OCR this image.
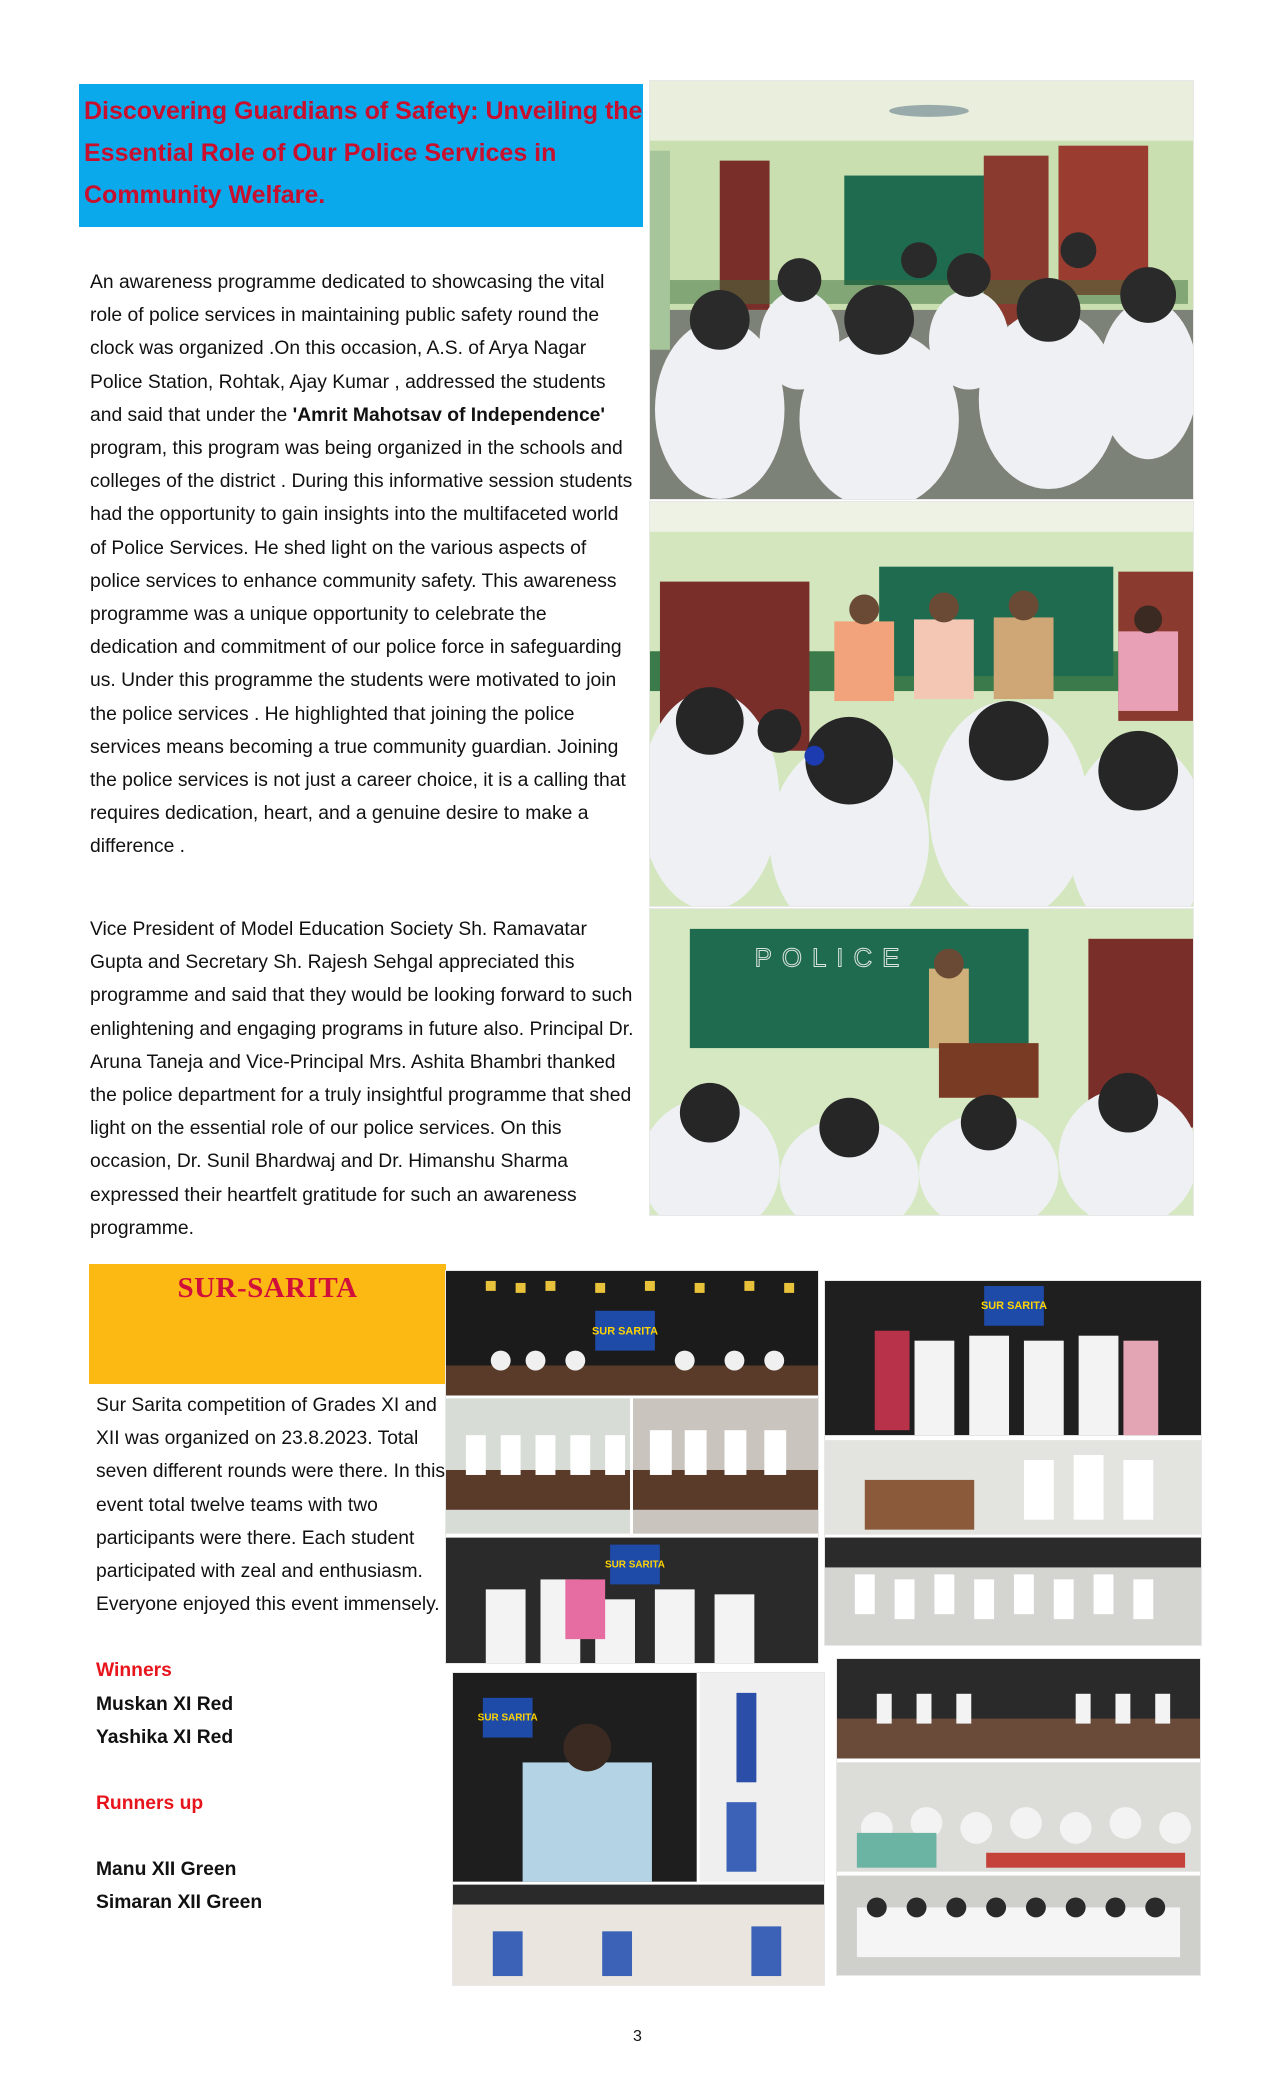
Discovering Guardians of Safety: Unveiling the Essential Role of Our Police Services in Community Welfare.
An awareness programme dedicated to showcasing the vital role of police services in maintaining public safety round the clock was organized .On this occasion, A.S. of Arya Nagar Police Station, Rohtak, Ajay Kumar , addressed the students and said that under the 'Amrit Mahotsav of Independence' program, this program was being organized in the schools and colleges of the district . During this informative session students had the opportunity to gain insights into the multifaceted world of Police Services. He shed light on the various aspects of police services to enhance community safety. This awareness programme was a unique opportunity to celebrate the dedication and commitment of our police force in safeguarding us. Under this programme the students were motivated to join the police services . He highlighted that joining the police services means becoming a true community guardian. Joining the police services is not just a career choice, it is a calling that requires dedication, heart, and a genuine desire to make a difference .
Vice President of Model Education Society Sh. Ramavatar Gupta and Secretary Sh. Rajesh Sehgal appreciated this programme and said that they would be looking forward to such enlightening and engaging programs in future also. Principal Dr. Aruna Taneja and Vice-Principal Mrs. Ashita Bhambri thanked the police department for a truly insightful programme that shed light on the essential role of our police services. On this occasion, Dr. Sunil Bhardwaj and Dr. Himanshu Sharma expressed their heartfelt gratitude for such an awareness programme.
POLICE
SUR-SARITA
Sur Sarita competition of Grades XI and XII was organized on 23.8.2023. Total seven different rounds were there. In this event total twelve teams with two participants were there. Each student participated with zeal and enthusiasm. Everyone enjoyed this event immensely.
Winners
Muskan XI Red
Yashika XI Red
Runners up
Manu XII Green
Simaran XII Green
SUR SARITA
SUR SARITA
SUR SARITA
SUR SARITA
3
